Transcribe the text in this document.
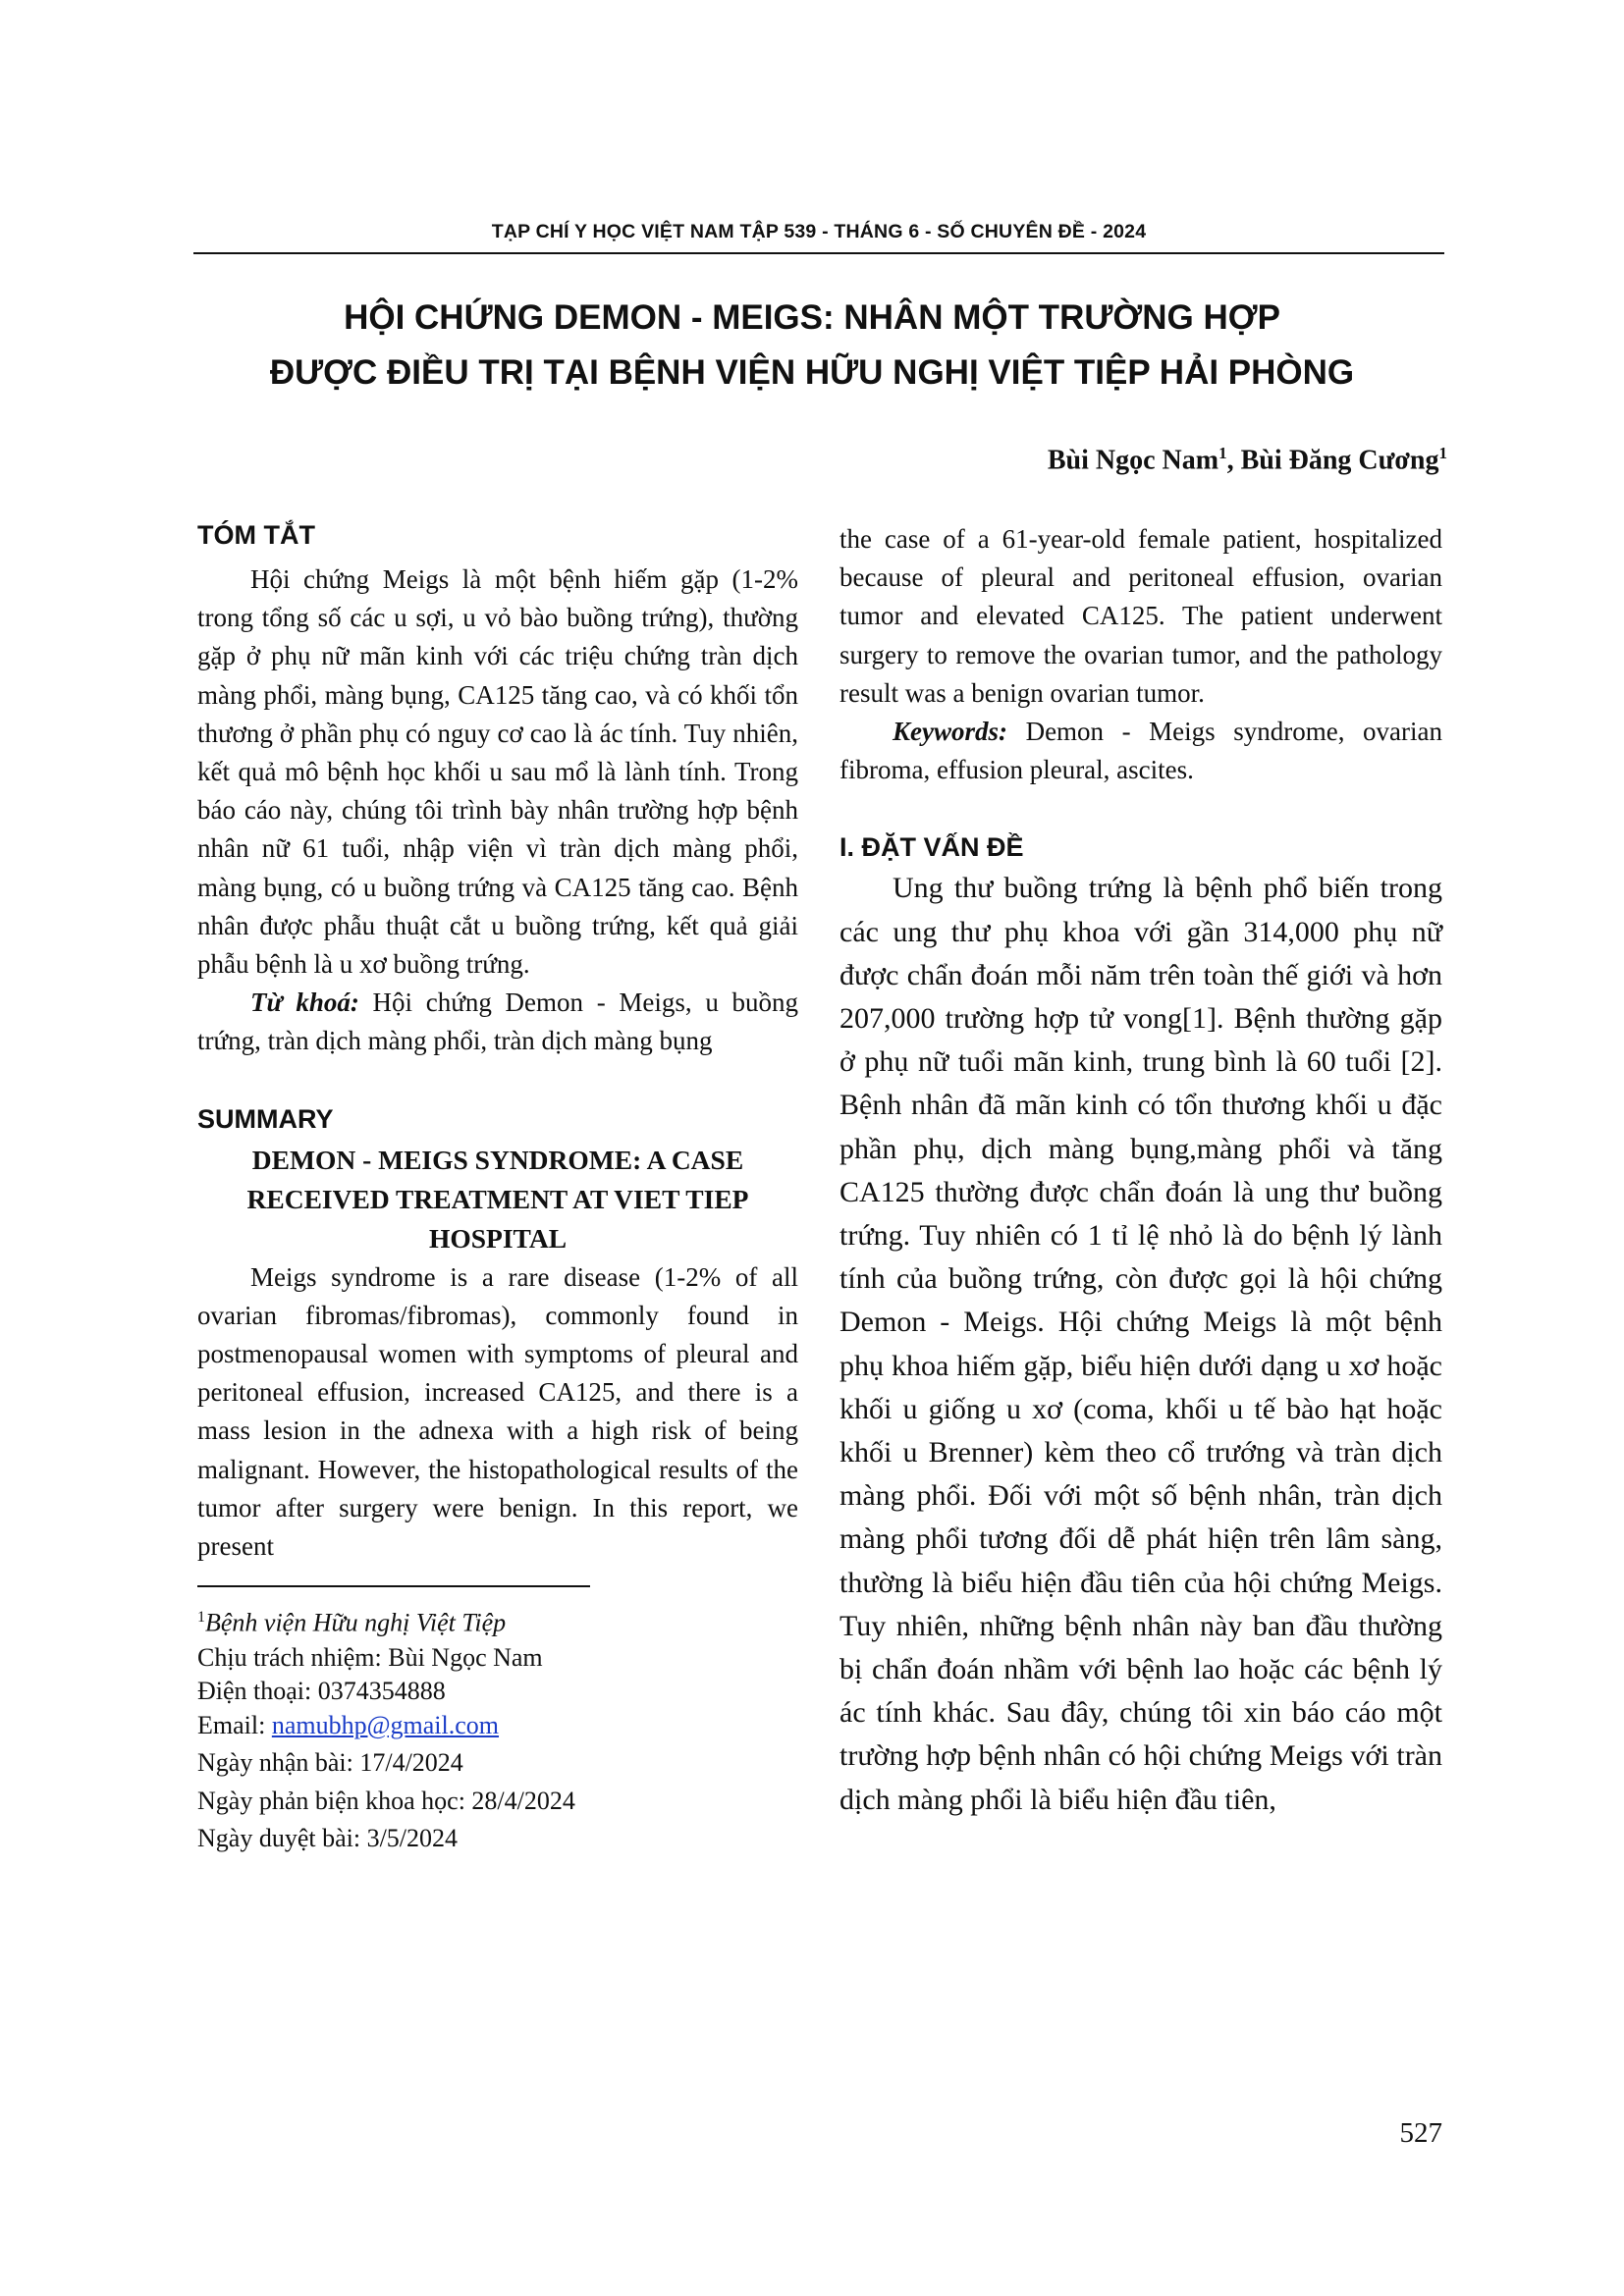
TẠP CHÍ Y HỌC VIỆT NAM TẬP 539 - THÁNG 6 - SỐ CHUYÊN ĐỀ - 2024
HỘI CHỨNG DEMON - MEIGS: NHÂN MỘT TRƯỜNG HỢP
ĐƯỢC ĐIỀU TRỊ TẠI BỆNH VIỆN HỮU NGHỊ VIỆT TIỆP HẢI PHÒNG
Bùi Ngọc Nam$^1$, Bùi Đăng Cương$^1$

TÓM TẮT

Hội chứng Meigs là một bệnh hiếm gặp (1-2% trong tổng số các u sợi, u vỏ bào buồng trứng), thường gặp ở phụ nữ mãn kinh với các triệu chứng tràn dịch màng phổi, màng bụng, CA125 tăng cao, và có khối tổn thương ở phần phụ có nguy cơ cao là ác tính. Tuy nhiên, kết quả mô bệnh học khối u sau mổ là lành tính. Trong báo cáo này, chúng tôi trình bày nhân trường hợp bệnh nhân nữ 61 tuổi, nhập viện vì tràn dịch màng phổi, màng bụng, có u buồng trứng và CA125 tăng cao. Bệnh nhân được phẫu thuật cắt u buồng trứng, kết quả giải phẫu bệnh là u xơ buồng trứng.

Từ khoá: Hội chứng Demon - Meigs, u buồng trứng, tràn dịch màng phổi, tràn dịch màng bụng

SUMMARY

DEMON - MEIGS SYNDROME: A CASE
RECEIVED TREATMENT AT VIET TIEP
HOSPITAL

Meigs syndrome is a rare disease (1-2% of all ovarian fibromas/fibromas), commonly found in postmenopausal women with symptoms of pleural and peritoneal effusion, increased CA125, and there is a mass lesion in the adnexa with a high risk of being malignant. However, the histopathological results of the tumor after surgery were benign. In this report, we present

$^1$Bệnh viện Hữu nghị Việt Tiệp

Chịu trách nhiệm: Bùi Ngọc Nam

Điện thoại: 0374354888

Email: namubhp@gmail.com

Ngày nhận bài: 17/4/2024

Ngày phản biện khoa học: 28/4/2024

Ngày duyệt bài: 3/5/2024

the case of a 61-year-old female patient, hospitalized because of pleural and peritoneal effusion, ovarian tumor and elevated CA125. The patient underwent surgery to remove the ovarian tumor, and the pathology result was a benign ovarian tumor.

Keywords: Demon - Meigs syndrome, ovarian fibroma, effusion pleural, ascites.

I. ĐẶT VẤN ĐỀ

Ung thư buồng trứng là bệnh phổ biến trong các ung thư phụ khoa với gần 314,000 phụ nữ được chẩn đoán mỗi năm trên toàn thế giới và hơn 207,000 trường hợp tử vong[1]. Bệnh thường gặp ở phụ nữ tuổi mãn kinh, trung bình là 60 tuổi [2]. Bệnh nhân đã mãn kinh có tổn thương khối u đặc phần phụ, dịch màng bụng,màng phổi và tăng CA125 thường được chẩn đoán là ung thư buồng trứng. Tuy nhiên có 1 tỉ lệ nhỏ là do bệnh lý lành tính của buồng trứng, còn được gọi là hội chứng Demon - Meigs. Hội chứng Meigs là một bệnh phụ khoa hiếm gặp, biểu hiện dưới dạng u xơ hoặc khối u giống u xơ (coma, khối u tế bào hạt hoặc khối u Brenner) kèm theo cổ trướng và tràn dịch màng phổi. Đối với một số bệnh nhân, tràn dịch màng phổi tương đối dễ phát hiện trên lâm sàng, thường là biểu hiện đầu tiên của hội chứng Meigs. Tuy nhiên, những bệnh nhân này ban đầu thường bị chẩn đoán nhầm với bệnh lao hoặc các bệnh lý ác tính khác. Sau đây, chúng tôi xin báo cáo một trường hợp bệnh nhân có hội chứng Meigs với tràn dịch màng phổi là biểu hiện đầu tiên,

527
